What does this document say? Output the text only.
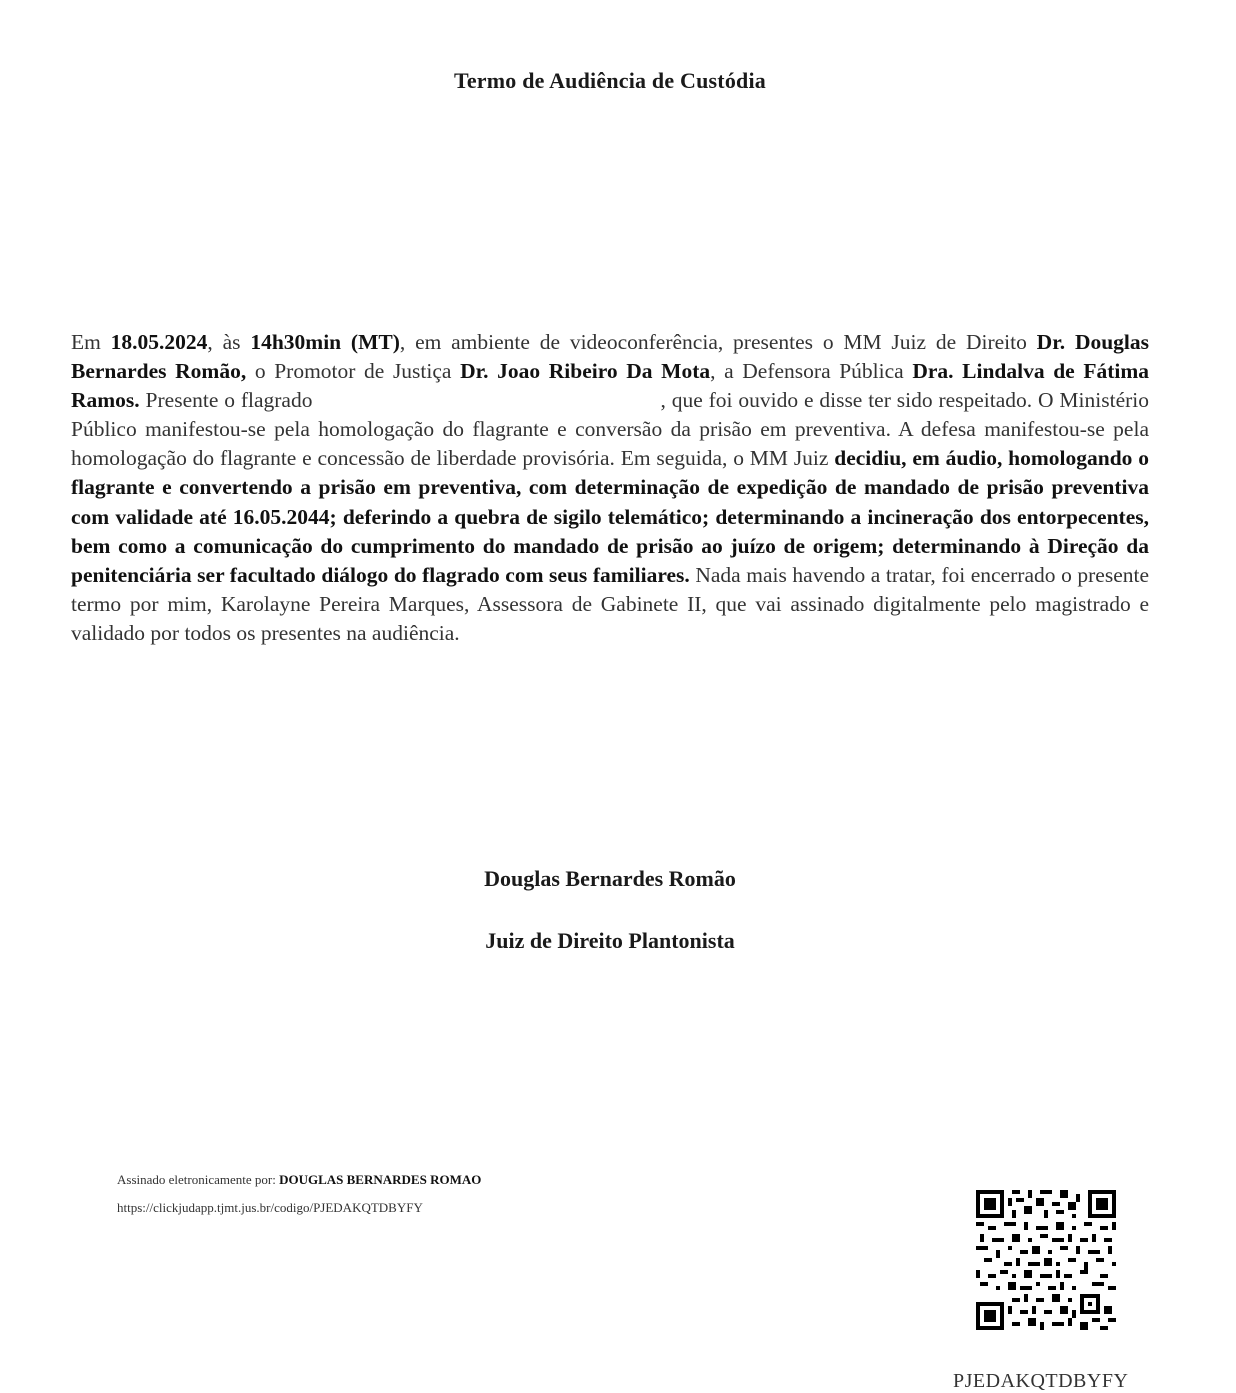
Termo de Audiência de Custódia
Em 18.05.2024, às 14h30min (MT), em ambiente de videoconferência, presentes o MM Juiz de Direito Dr. Douglas Bernardes Romão, o Promotor de Justiça Dr. Joao Ribeiro Da Mota, a Defensora Pública Dra. Lindalva de Fátima Ramos. Presente o flagrado	, que foi ouvido e disse ter sido respeitado. O Ministério Público manifestou-se pela homologação do flagrante e conversão da prisão em preventiva. A defesa manifestou-se pela homologação do flagrante e concessão de liberdade provisória. Em seguida, o MM Juiz decidiu, em áudio, homologando o flagrante e convertendo a prisão em preventiva, com determinação de expedição de mandado de prisão preventiva com validade até 16.05.2044; deferindo a quebra de sigilo telemático; determinando a incineração dos entorpecentes, bem como a comunicação do cumprimento do mandado de prisão ao juízo de origem; determinando à Direção da penitenciária ser facultado diálogo do flagrado com seus familiares. Nada mais havendo a tratar, foi encerrado o presente termo por mim, Karolayne Pereira Marques, Assessora de Gabinete II, que vai assinado digitalmente pelo magistrado e validado por todos os presentes na audiência.
Douglas Bernardes Romão
Juiz de Direito Plantonista
Assinado eletronicamente por: DOUGLAS BERNARDES ROMAO
https://clickjudapp.tjmt.jus.br/codigo/PJEDAKQTDBYFY
PJEDAKQTDBYFY
